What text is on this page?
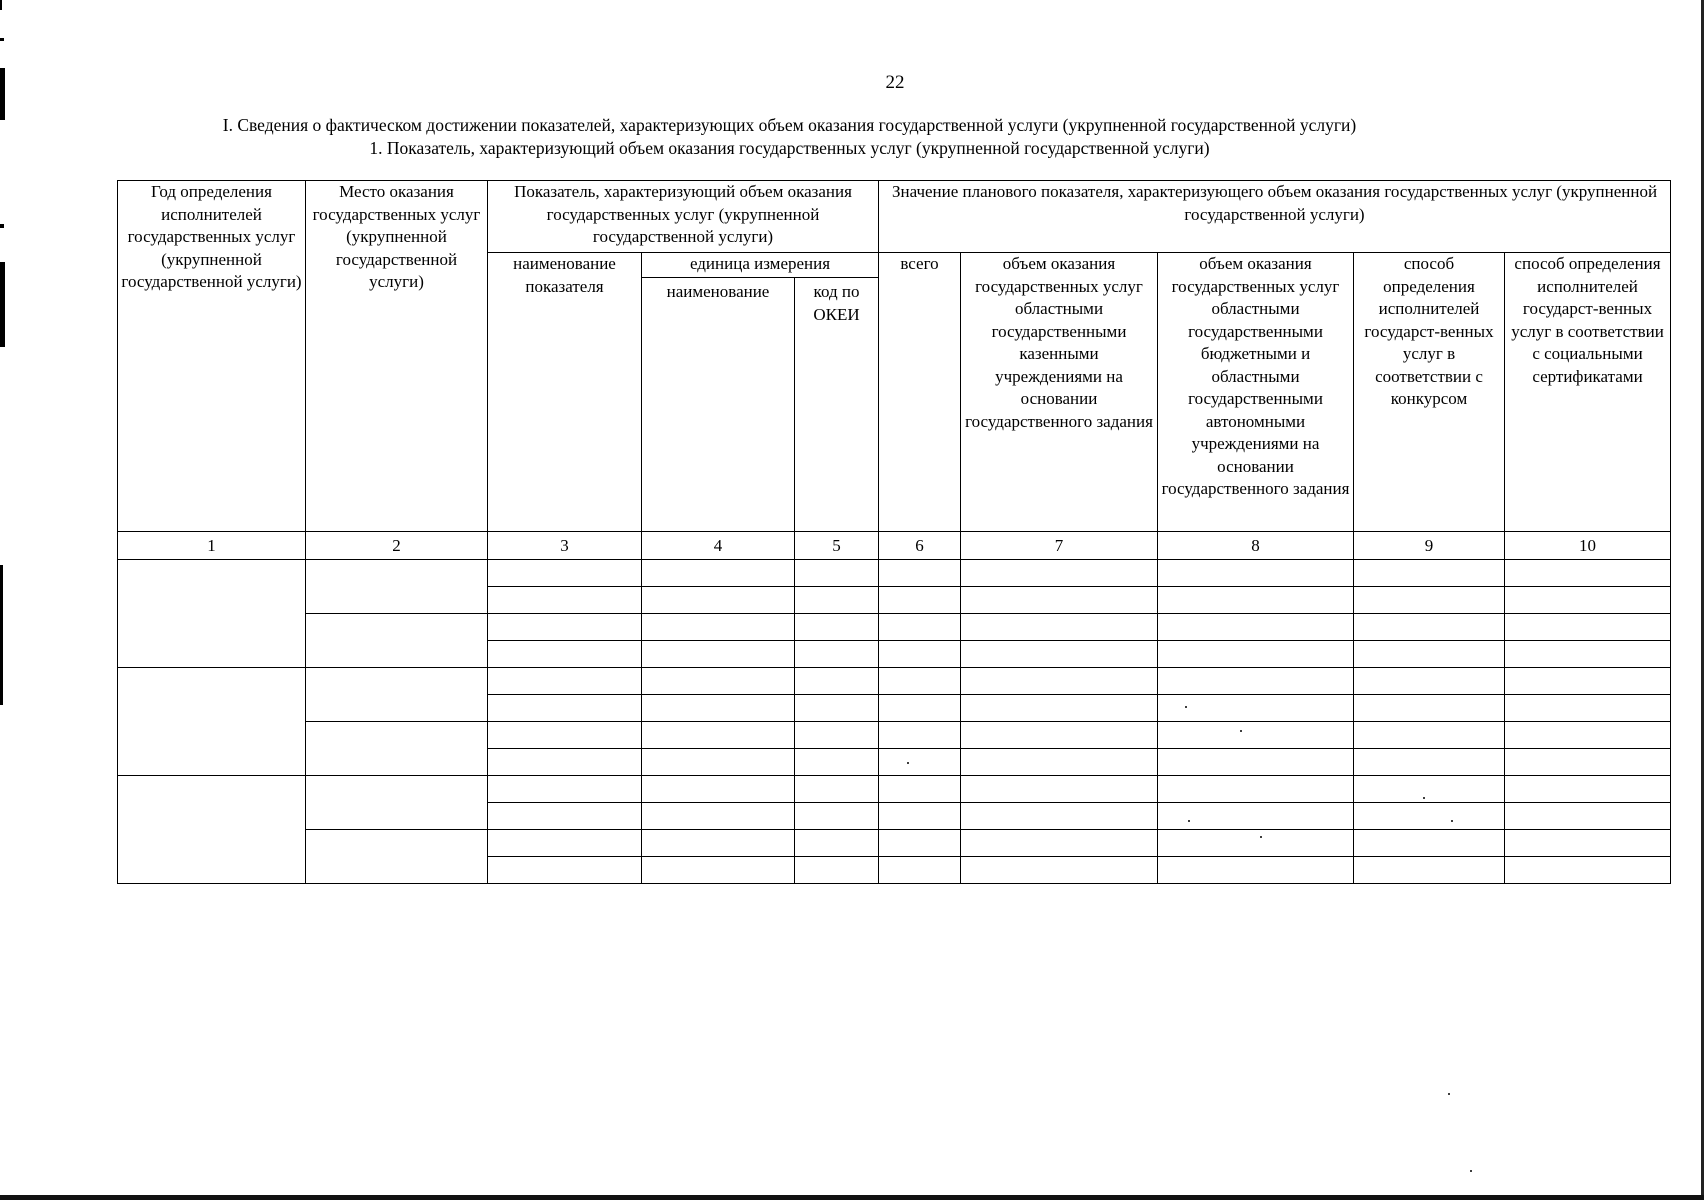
22
I. Сведения о фактическом достижении показателей, характеризующих объем оказания государственной услуги (укрупненной государственной услуги)
1. Показатель, характеризующий объем оказания государственных услуг (укрупненной государственной услуги)
Год определения исполнителей государственных услуг (укрупненной государственной услуги)	Место оказания государственных услуг (укрупненной государственной услуги)	Показатель, характеризующий объем оказания государственных услуг (укрупненной государственной услуги)			Значение планового показателя, характеризующего объем оказания государственных услуг (укрупненной государственной услуги)				
		наименование показателя	единица измерения		всего	объем оказания государственных услуг областными государственными казенными учреждениями на основании государственного задания	объем оказания государственных услуг областными государственными бюджетными и областными государственными автономными учреждениями на основании государственного задания	способ определения исполнителей государст-венных услуг в соответствии с конкурсом	способ определения исполнителей государст-венных услуг в соответствии с социальными сертификатами
			наименование	код по ОКЕИ					
1	2	3	4	5	6	7	8	9	10
